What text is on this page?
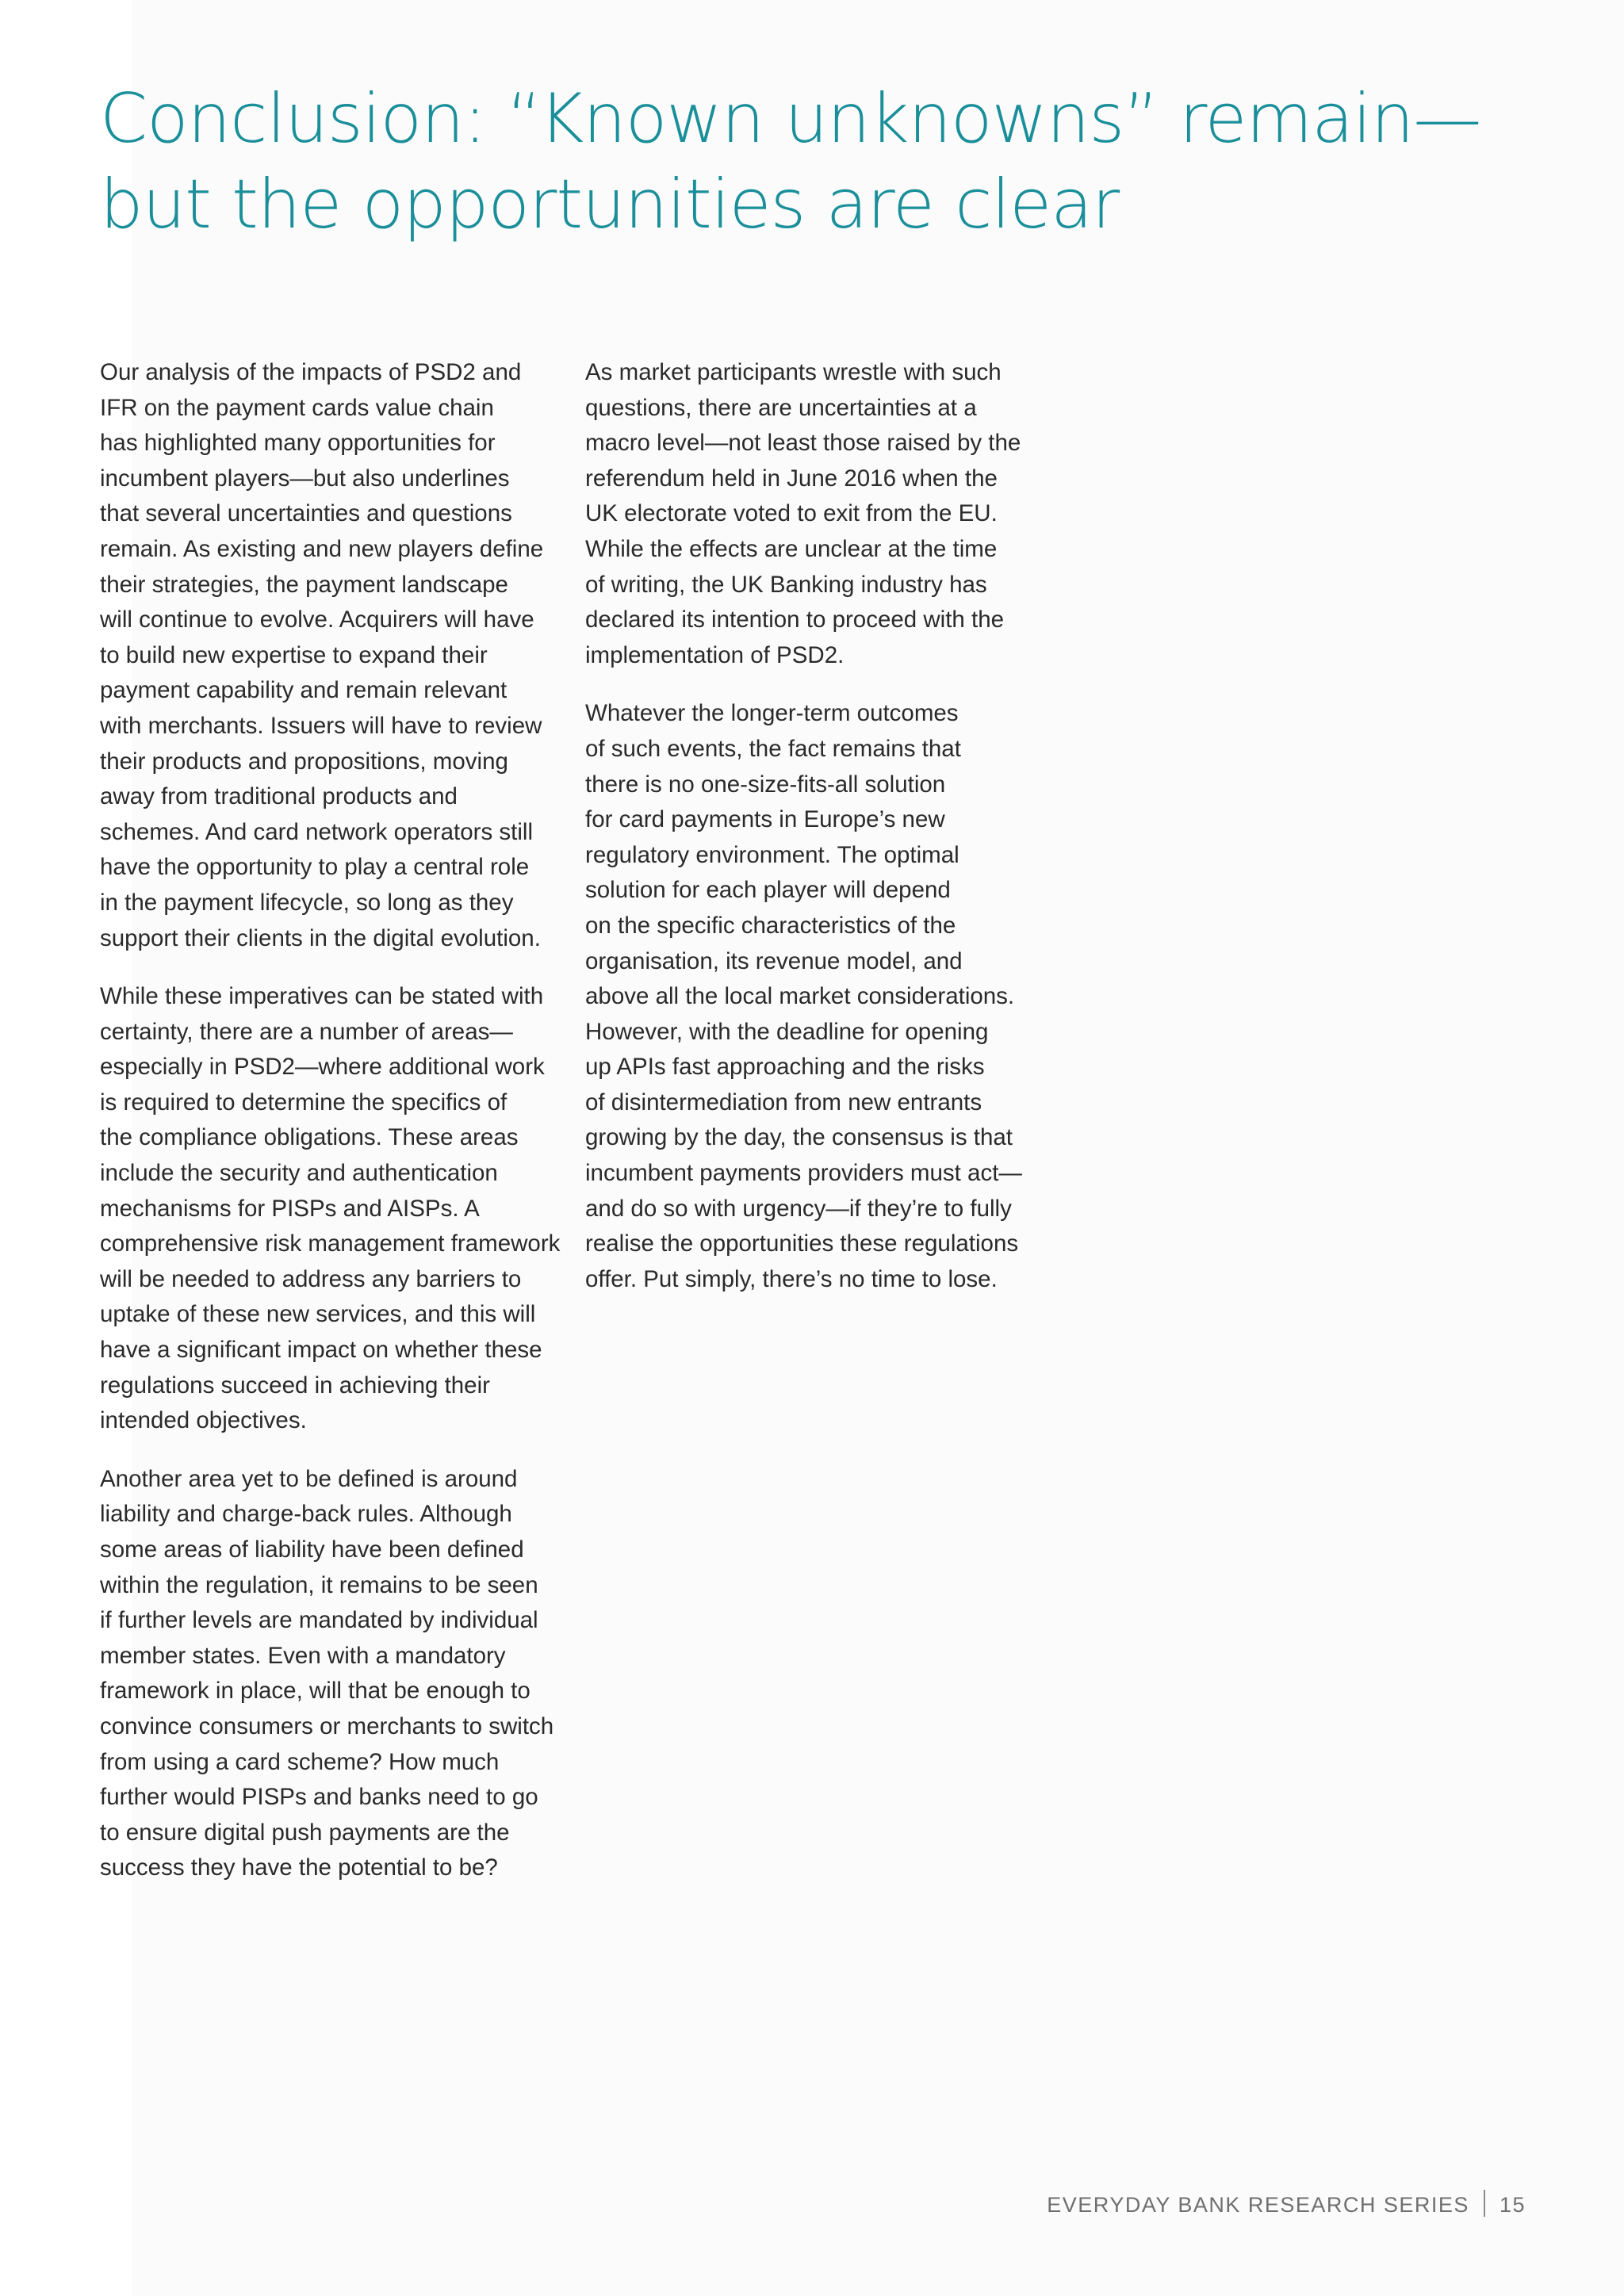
Conclusion: “Known unknowns” remain—
but the opportunities are clear

Our analysis of the impacts of PSD2 and
IFR on the payment cards value chain
has highlighted many opportunities for
incumbent players—but also underlines
that several uncertainties and questions
remain. As existing and new players define
their strategies, the payment landscape
will continue to evolve. Acquirers will have
to build new expertise to expand their
payment capability and remain relevant
with merchants. Issuers will have to review
their products and propositions, moving
away from traditional products and
schemes. And card network operators still
have the opportunity to play a central role
in the payment lifecycle, so long as they
support their clients in the digital evolution.

While these imperatives can be stated with
certainty, there are a number of areas—
especially in PSD2—where additional work
is required to determine the specifics of
the compliance obligations. These areas
include the security and authentication
mechanisms for PISPs and AISPs. A
comprehensive risk management framework
will be needed to address any barriers to
uptake of these new services, and this will
have a significant impact on whether these
regulations succeed in achieving their
intended objectives.

Another area yet to be defined is around
liability and charge-back rules. Although
some areas of liability have been defined
within the regulation, it remains to be seen
if further levels are mandated by individual
member states. Even with a mandatory
framework in place, will that be enough to
convince consumers or merchants to switch
from using a card scheme? How much
further would PISPs and banks need to go
to ensure digital push payments are the
success they have the potential to be?

As market participants wrestle with such
questions, there are uncertainties at a
macro level—not least those raised by the
referendum held in June 2016 when the
UK electorate voted to exit from the EU.
While the effects are unclear at the time
of writing, the UK Banking industry has
declared its intention to proceed with the
implementation of PSD2.

Whatever the longer-term outcomes
of such events, the fact remains that
there is no one-size-fits-all solution
for card payments in Europe’s new
regulatory environment. The optimal
solution for each player will depend
on the specific characteristics of the
organisation, its revenue model, and
above all the local market considerations.
However, with the deadline for opening
up APIs fast approaching and the risks
of disintermediation from new entrants
growing by the day, the consensus is that
incumbent payments providers must act—
and do so with urgency—if they’re to fully
realise the opportunities these regulations
offer. Put simply, there’s no time to lose.

EVERYDAY BANK RESEARCH SERIES 15
